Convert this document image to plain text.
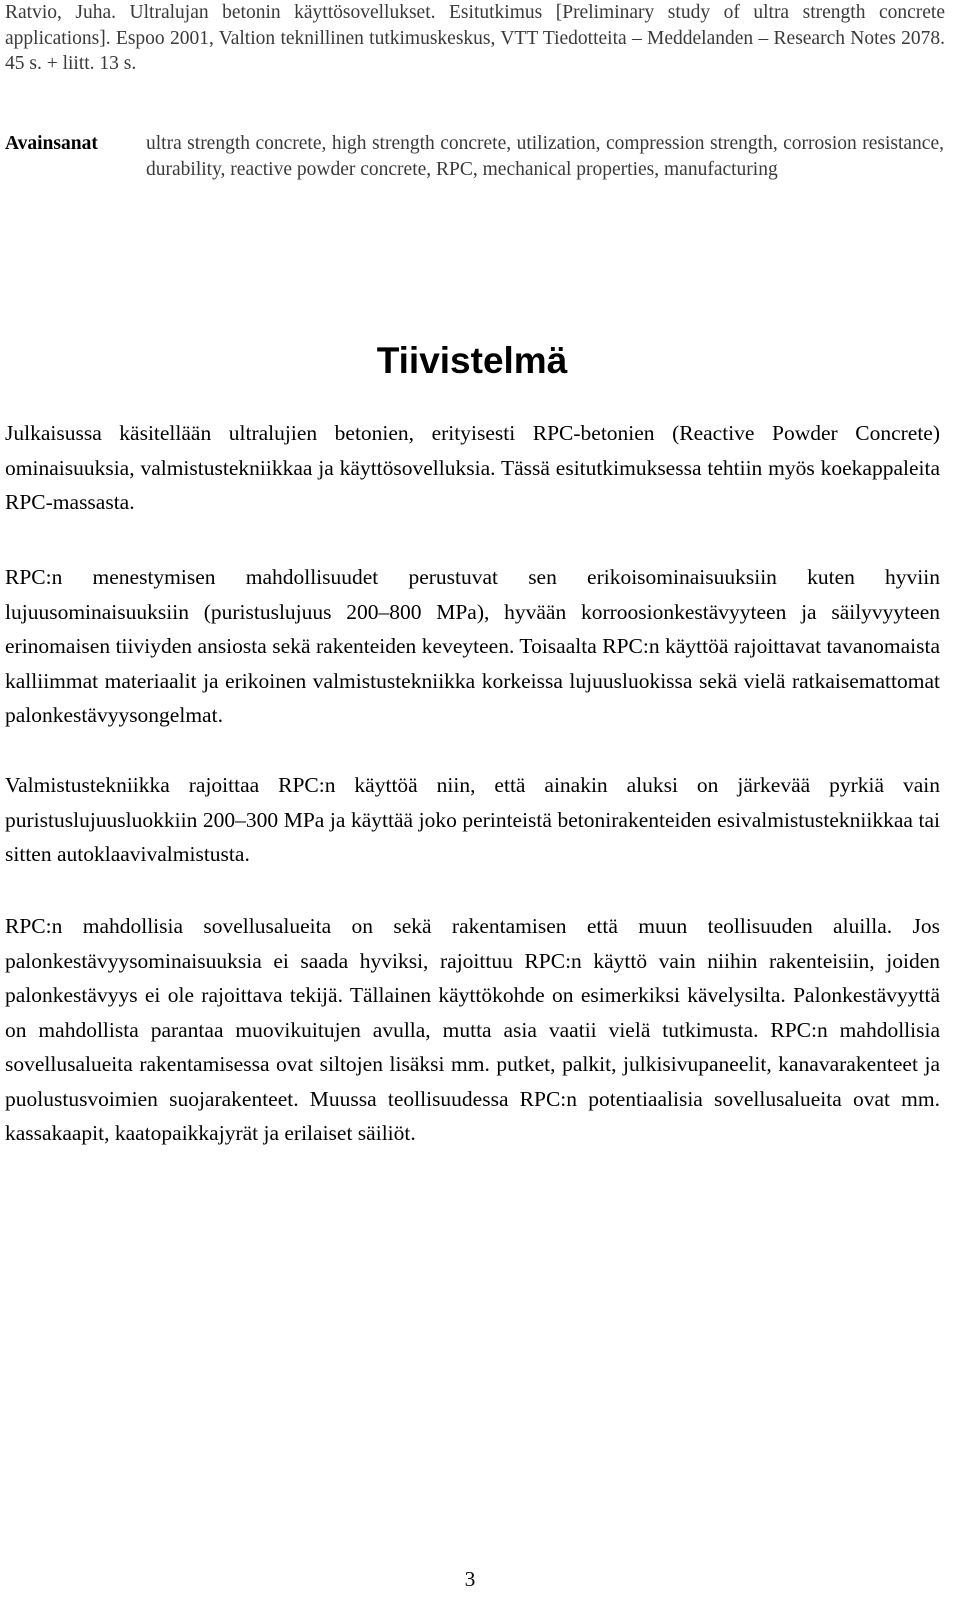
Ratvio, Juha. Ultralujan betonin käyttösovellukset. Esitutkimus [Preliminary study of ultra strength concrete applications]. Espoo 2001, Valtion teknillinen tutkimuskeskus, VTT Tiedotteita – Meddelanden – Research Notes 2078. 45 s. + liitt. 13 s.
Avainsanat ultra strength concrete, high strength concrete, utilization, compression strength, corrosion resistance, durability, reactive powder concrete, RPC, mechanical properties, manufacturing
Tiivistelmä

Julkaisussa käsitellään ultralujien betonien, erityisesti RPC-betonien (Reactive Powder Concrete) ominaisuuksia, valmistustekniikkaa ja käyttösovelluksia. Tässä esitutkimuksessa tehtiin myös koekappaleita RPC-massasta.

RPC:n menestymisen mahdollisuudet perustuvat sen erikoisominaisuuksiin kuten hyviin lujuusominaisuuksiin (puristuslujuus 200–800 MPa), hyvään korroosionkestävyyteen ja säilyvyyteen erinomaisen tiiviyden ansiosta sekä rakenteiden keveyteen. Toisaalta RPC:n käyttöä rajoittavat tavanomaista kalliimmat materiaalit ja erikoinen valmistustekniikka korkeissa lujuusluokissa sekä vielä ratkaisemattomat palonkestävyysongelmat.

Valmistustekniikka rajoittaa RPC:n käyttöä niin, että ainakin aluksi on järkevää pyrkiä vain puristuslujuusluokkiin 200–300 MPa ja käyttää joko perinteistä betonirakenteiden esivalmistustekniikkaa tai sitten autoklaavivalmistusta.

RPC:n mahdollisia sovellusalueita on sekä rakentamisen että muun teollisuuden aluilla. Jos palonkestävyysominaisuuksia ei saada hyviksi, rajoittuu RPC:n käyttö vain niihin rakenteisiin, joiden palonkestävyys ei ole rajoittava tekijä. Tällainen käyttökohde on esimerkiksi kävelysilta. Palonkestävyyttä on mahdollista parantaa muovikuitujen avulla, mutta asia vaatii vielä tutkimusta. RPC:n mahdollisia sovellusalueita rakentamisessa ovat siltojen lisäksi mm. putket, palkit, julkisivupaneelit, kanavarakenteet ja puolustusvoimien suojarakenteet. Muussa teollisuudessa RPC:n potentiaalisia sovellusalueita ovat mm. kassakaapit, kaatopaikkajyrät ja erilaiset säiliöt.

3
